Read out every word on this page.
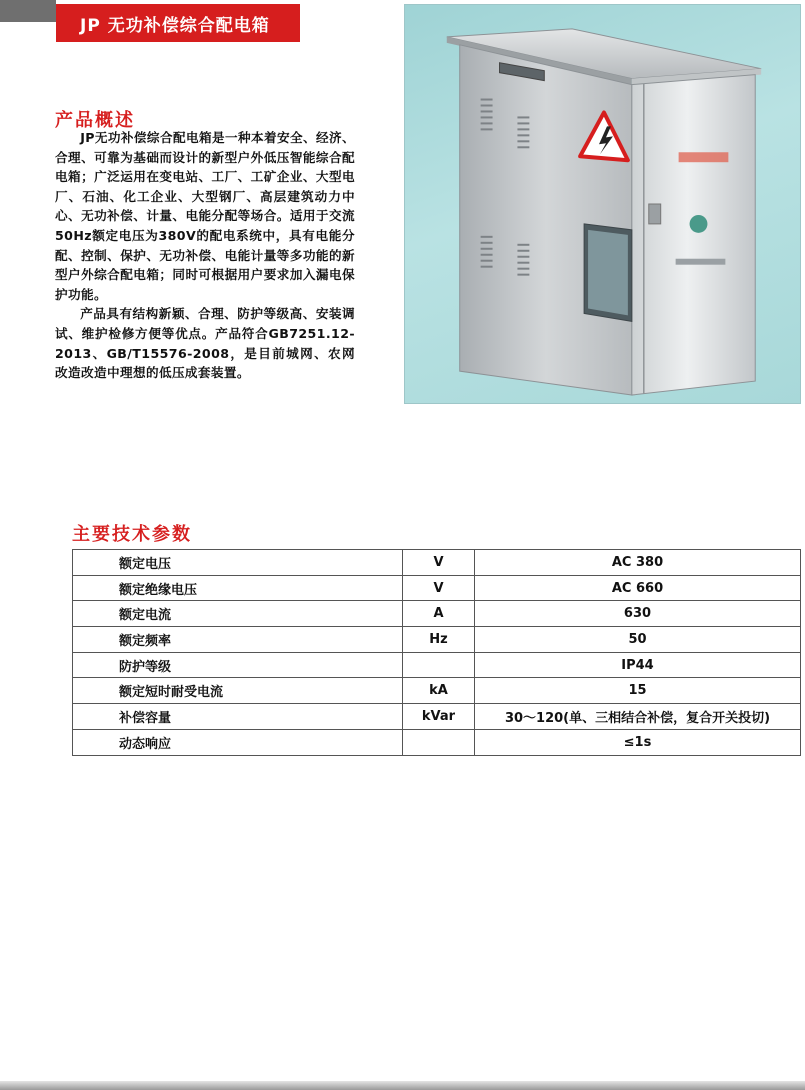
JP 无功补偿综合配电箱
产品概述

JP无功补偿综合配电箱是一种本着安全、经济、合理、可靠为基础而设计的新型户外低压智能综合配电箱；广泛运用在变电站、工厂、工矿企业、大型电厂、石油、化工企业、大型钢厂、高层建筑动力中心、无功补偿、计量、电能分配等场合。适用于交流50Hz额定电压为380V的配电系统中，具有电能分配、控制、保护、无功补偿、电能计量等多功能的新型户外综合配电箱；同时可根据用户要求加入漏电保护功能。

产品具有结构新颖、合理、防护等级高、安装调试、维护检修方便等优点。产品符合GB7251.12-2013、GB/T15576-2008，是目前城网、农网改造改造中理想的低压成套装置。

主要技术参数
额定电压	V	AC 380
额定绝缘电压	V	AC 660
额定电流	A	630
额定频率	Hz	50
防护等级		IP44
额定短时耐受电流	kA	15
补偿容量	kVar	30～120(单、三相结合补偿，复合开关投切)
动态响应		≤1s
